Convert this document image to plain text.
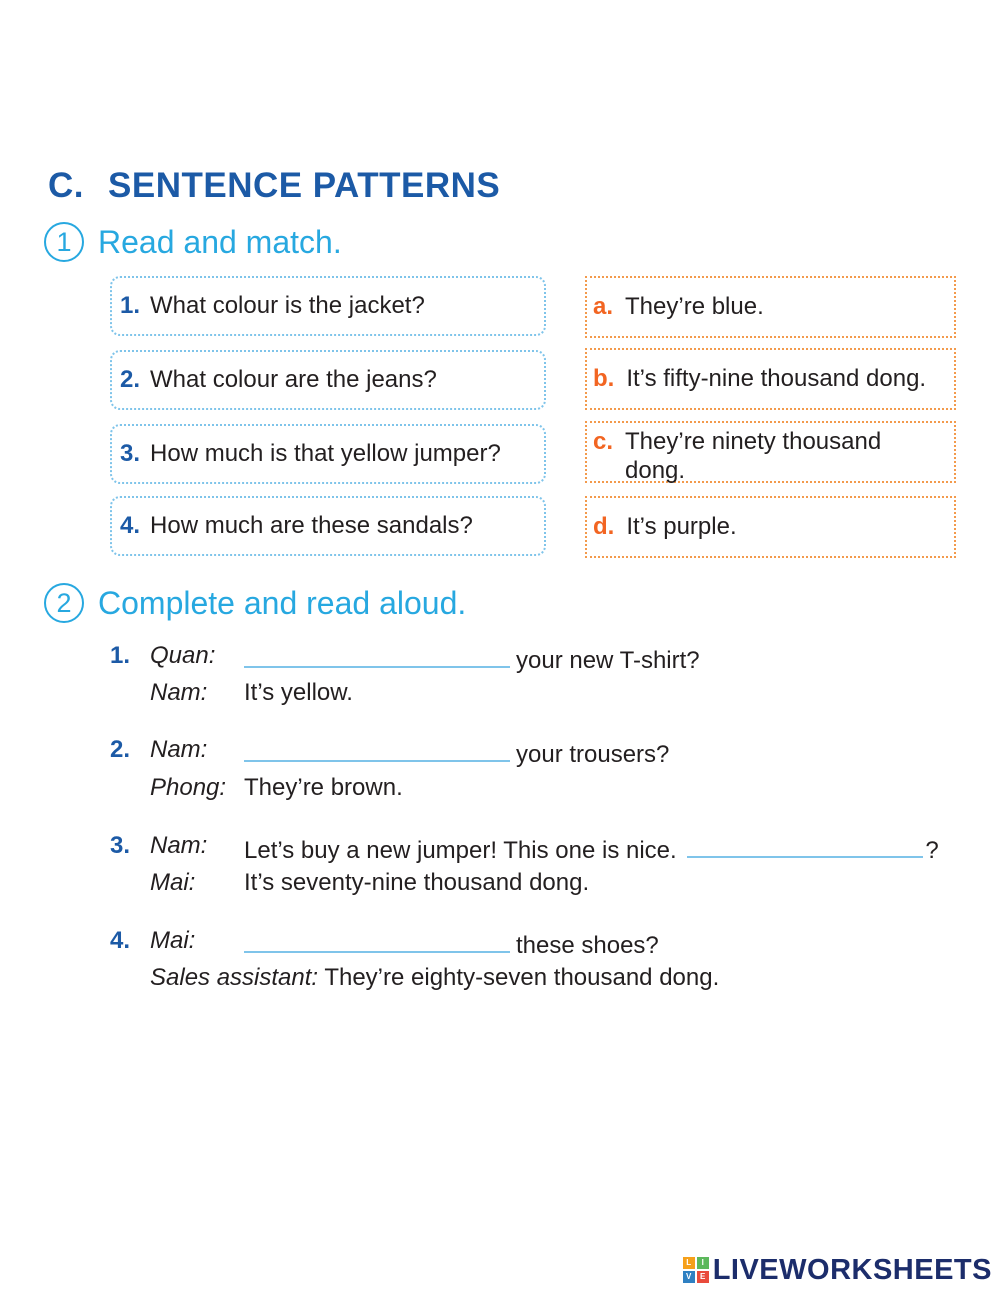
C. SENTENCE PATTERNS
1 Read and match.
1. What colour is the jacket?
2. What colour are the jeans?
3. How much is that yellow jumper?
4. How much are these sandals?
a. They’re blue.
b. It’s fifty-nine thousand dong.
c. They’re ninety thousand dong.
d. It’s purple.
2 Complete and read aloud.
1. Quan:	your new T-shirt?
Nam: It’s yellow.
2. Nam:	your trousers?
Phong: They’re brown.
3. Nam: Let’s buy a new jumper! This one is nice.	?
Mai: It’s seventy-nine thousand dong.
4. Mai:	these shoes?
Sales assistant: They’re eighty-seven thousand dong.
L	I
V	E LIVEWORKSHEETS
